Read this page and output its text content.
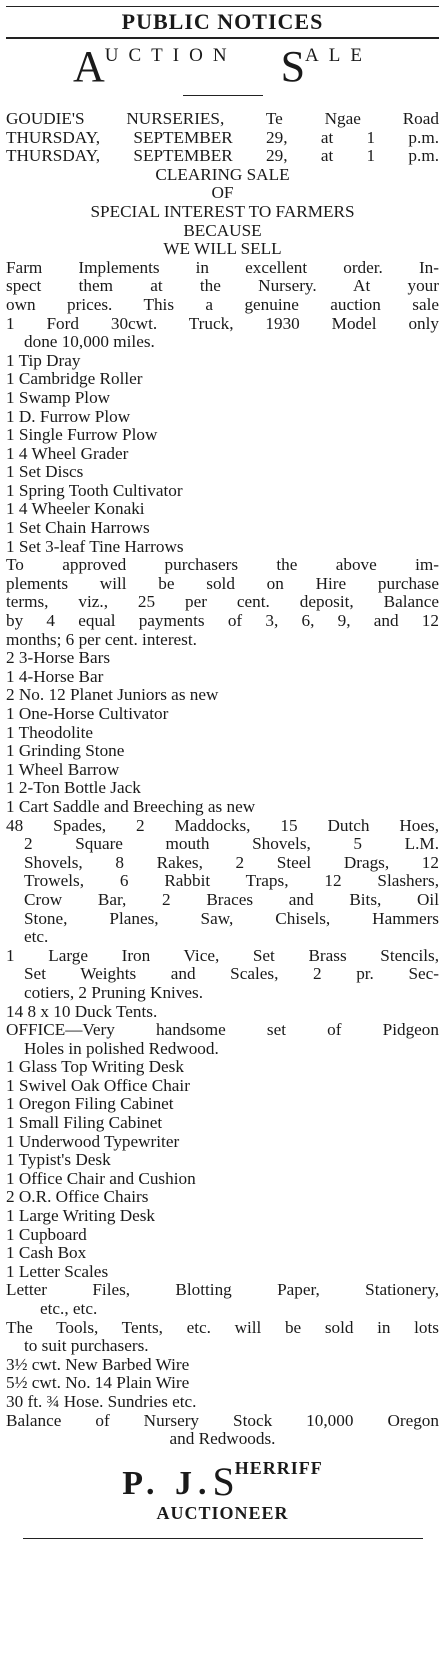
PUBLIC NOTICES
A UCTION S ALE
GOUDIE'S NURSERIES, Te Ngae Road
THURSDAY, SEPTEMBER 29, at 1 p.m.
THURSDAY, SEPTEMBER 29, at 1 p.m.
CLEARING SALE
OF
SPECIAL INTEREST TO FARMERS
BECAUSE
WE WILL SELL
Farm Implements in excellent order. In-
spect them at the Nursery. At your
own prices. This a genuine auction sale
1 Ford 30cwt. Truck, 1930 Model only
done 10,000 miles.
1 Tip Dray
1 Cambridge Roller
1 Swamp Plow
1 D. Furrow Plow
1 Single Furrow Plow
1 4 Wheel Grader
1 Set Discs
1 Spring Tooth Cultivator
1 4 Wheeler Konaki
1 Set Chain Harrows
1 Set 3-leaf Tine Harrows
To approved purchasers the above im-
plements will be sold on Hire purchase
terms, viz., 25 per cent. deposit, Balance
by 4 equal payments of 3, 6, 9, and 12
months; 6 per cent. interest.
2 3-Horse Bars
1 4-Horse Bar
2 No. 12 Planet Juniors as new
1 One-Horse Cultivator
1 Theodolite
1 Grinding Stone
1 Wheel Barrow
1 2-Ton Bottle Jack
1 Cart Saddle and Breeching as new
48 Spades, 2 Maddocks, 15 Dutch Hoes,
2 Square mouth Shovels, 5 L.M.
Shovels, 8 Rakes, 2 Steel Drags, 12
Trowels, 6 Rabbit Traps, 12 Slashers,
Crow Bar, 2 Braces and Bits, Oil
Stone, Planes, Saw, Chisels, Hammers
etc.
1 Large Iron Vice, Set Brass Stencils,
Set Weights and Scales, 2 pr. Sec-
cotiers, 2 Pruning Knives.
14 8 x 10 Duck Tents.
OFFICE—Very handsome set of Pidgeon
Holes in polished Redwood.
1 Glass Top Writing Desk
1 Swivel Oak Office Chair
1 Oregon Filing Cabinet
1 Small Filing Cabinet
1 Underwood Typewriter
1 Typist's Desk
1 Office Chair and Cushion
2 O.R. Office Chairs
1 Large Writing Desk
1 Cupboard
1 Cash Box
1 Letter Scales
Letter Files, Blotting Paper, Stationery,
etc., etc.
The Tools, Tents, etc. will be sold in lots
to suit purchasers.
3½ cwt. New Barbed Wire
5½ cwt. No. 14 Plain Wire
30 ft. ¾ Hose. Sundries etc.
Balance of Nursery Stock 10,000 Oregon
and Redwoods.
P. J. S HERRIFF
AUCTIONEER
